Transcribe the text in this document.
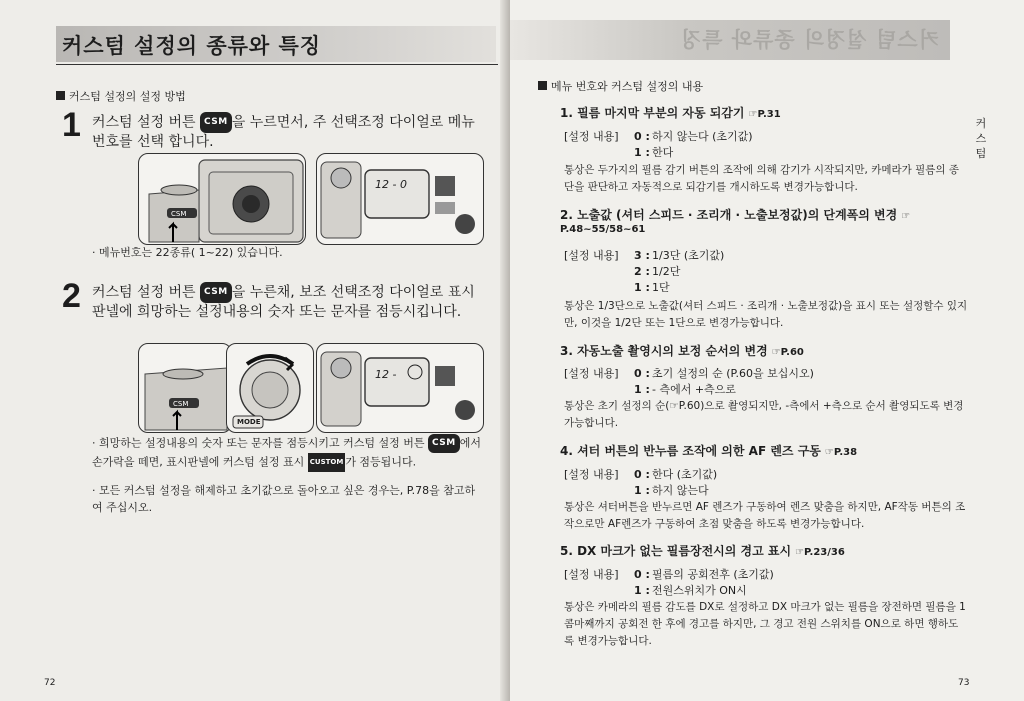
커스텀 설정의 종류와 특징
커스텀 설정의 설정 방법
1 커스텀 설정 버튼 CSM 을 누르면서, 주 선택조정 다이얼로 메뉴번호를 선택 합니다.
CSM
12 - 0
· 메뉴번호는 22종류( 1~22) 있습니다.
2 커스텀 설정 버튼 CSM 을 누른채, 보조 선택조정 다이얼로 표시판넬에 희망하는 설정내용의 숫자 또는 문자를 점등시킵니다.
CSM
MODE
12 -
· 희망하는 설정내용의 숫자 또는 문자를 점등시키고 커스텀 설정 버튼 CSM 에서 손가락을 떼면, 표시판넬에 커스텀 설정 표시 CUSTOM 가 점등됩니다.
· 모든 커스텀 설정을 해제하고 초기값으로 돌아오고 싶은 경우는, P.78을 참고하여 주십시오.
72
커스텀 설정의 종류와 특징
메뉴 번호와 커스텀 설정의 내용
1. 필름 마지막 부분의 자동 되감기 ☞P.31
[설정 내용] 0 : 하지 않는다 (초기값)
1 : 한다
통상은 두가지의 필름 감기 버튼의 조작에 의해 감기가 시작되지만, 카메라가 필름의 종단을 판단하고 자동적으로 되감기를 개시하도록 변경가능합니다.
2. 노출값 (셔터 스피드 · 조리개 · 노출보정값)의 단계폭의 변경 ☞
P.48~55/58~61
[설정 내용] 3 : 1/3단 (초기값)
2 : 1/2단
1 : 1단
통상은 1/3단으로 노출값(셔터 스피드 · 조리개 · 노출보정값)을 표시 또는 설정할수 있지만, 이것을 1/2단 또는 1단으로 변경가능합니다.
3. 자동노출 촬영시의 보정 순서의 변경 ☞P.60
[설정 내용] 0 : 초기 설정의 순 (P.60을 보십시오)
1 : - 측에서 +측으로
통상은 초기 설정의 순(☞P.60)으로 촬영되지만, -측에서 +측으로 순서 촬영되도록 변경가능합니다.
4. 셔터 버튼의 반누름 조작에 의한 AF 렌즈 구동 ☞P.38
[설정 내용] 0 : 한다 (초기값)
1 : 하지 않는다
통상은 셔터버튼을 반누르면 AF 렌즈가 구동하여 렌즈 맞춤을 하지만, AF작동 버튼의 조작으로만 AF렌즈가 구동하여 초점 맞춤을 하도록 변경가능합니다.
5. DX 마크가 없는 필름장전시의 경고 표시 ☞P.23/36
[설정 내용] 0 : 필름의 공회전후 (초기값)
1 : 전원스위치가 ON시
통상은 카메라의 필름 감도를 DX로 설정하고 DX 마크가 없는 필름을 장전하면 필름을 1콤마째까지 공회전 한 후에 경고를 하지만, 그 경고 전원 스위치를 ON으로 하면 행하도록 변경가능합니다.
73
커스텀
